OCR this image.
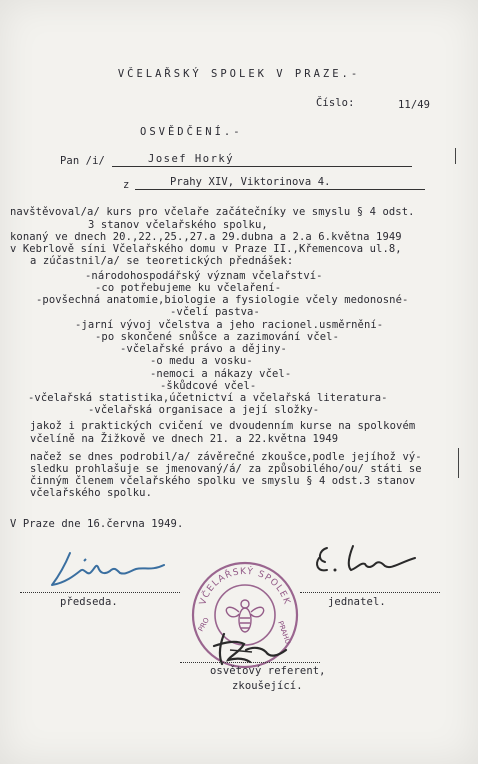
VČELAŘSKÝ SPOLEK V PRAZE.-
Číslo:	11/49
OSVĚDČENÍ.-
Pan /i/	Josef Horký
z	Prahy XIV, Viktorinova 4.
navštěvoval/a/ kurs pro včelaře začátečníky ve smyslu § 4 odst.
3 stanov včelařského spolku,
konaný ve dnech 20.,22.,25.,27.a 29.dubna a 2.a 6.května 1949
v Kebrlově síni Včelařského domu v Praze II.,Křemencova ul.8,
a zúčastnil/a/ se teoretických přednášek:
-národohospodářský význam včelařství-
-co potřebujeme ku včelaření-
-povšechná anatomie,biologie a fysiologie včely medonosné-
-včelí pastva-
-jarní vývoj včelstva a jeho racionel.usměrnění-
-po skončené snůšce a zazimování včel-
-včelařské právo a dějiny-
-o medu a vosku-
-nemoci a nákazy včel-
-škůdcové včel-
-včelařská statistika,účetnictví a včelařská literatura-
-včelařská organisace a její složky-
jakož i praktických cvičení ve dvoudenním kurse na spolkovém
včelíně na Žižkově ve dnech 21. a 22.května 1949
načež se dnes podrobil/a/ závěrečné zkoušce,podle jejíhož vý-
sledku prohlašuje se jmenovaný/á/ za způsobilého/ou/ státi se
činným členem včelařského spolku ve smyslu § 4 odst.3 stanov
včelařského spolku.
V Praze dne 16.června 1949.
předseda.	jednatel.
VČELAŘSKÝ SPOLEK
PRO	PRAHU
osvětový referent,
zkoušející.
